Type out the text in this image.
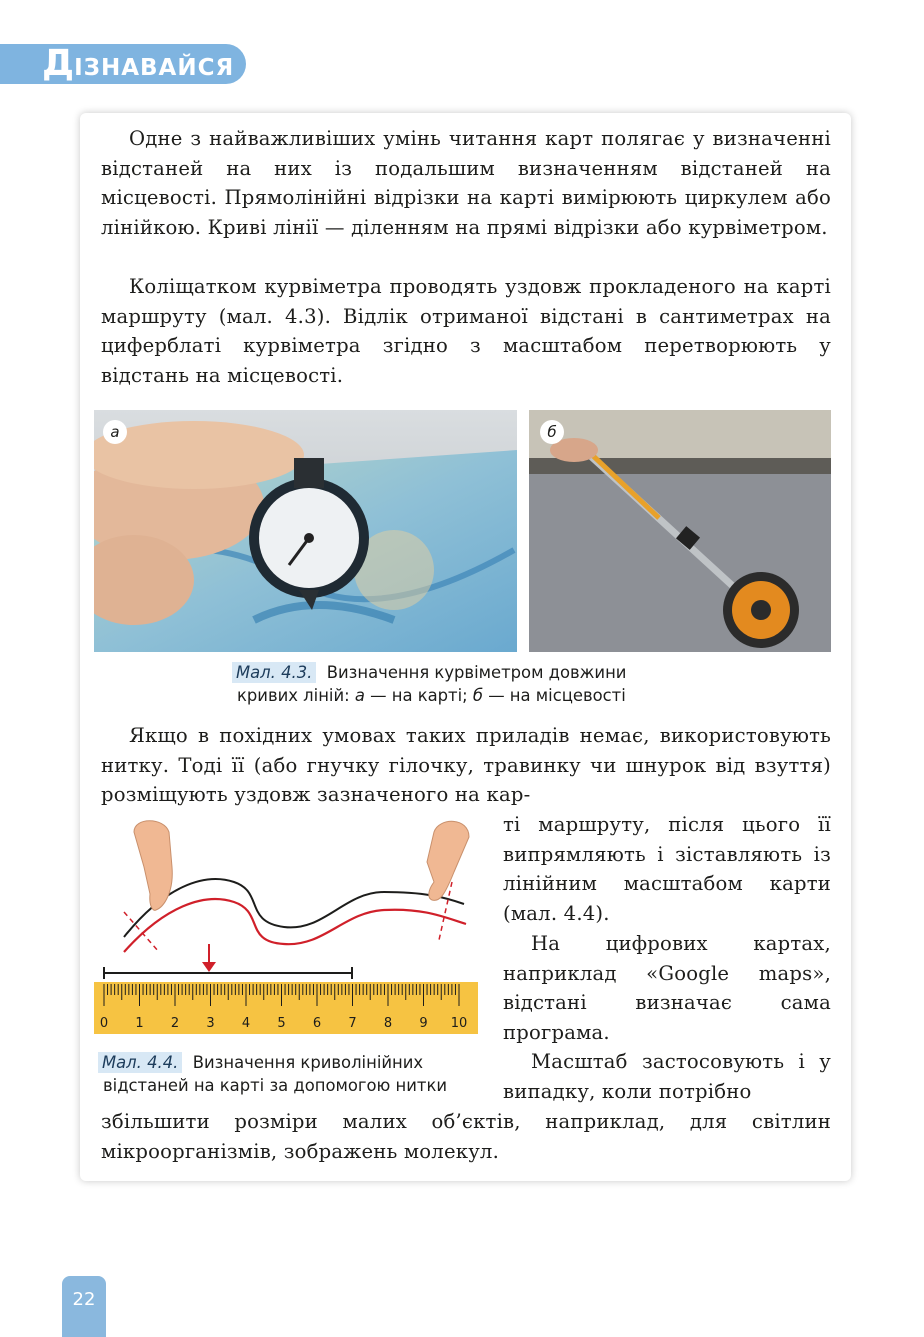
ДІЗНАВАЙСЯ

Одне з найважливіших умінь читання карт полягає у визначенні відстаней на них із подальшим визначенням відстаней на місцевості. Прямолінійні відрізки на карті вимірюють циркулем або лінійкою. Криві лінії — діленням на прямі відрізки або курвіметром.

Коліщатком курвіметра проводять уздовж прокладеного на карті маршруту (мал. 4.3). Відлік отриманої відстані в сантиметрах на циферблаті курвіметра згідно з масштабом перетворюють у відстань на місцевості.

а	б
Мал. 4.3. Визначення курвіметром довжини
кривих ліній: а — на карті; б — на місцевості

Якщо в похідних умовах таких приладів немає, використовують нитку. Тоді її (або гнучку гілочку, травинку чи шнурок від взуття) розміщують уздовж зазначеного на кар-

0 1 2 3 4 5 6 7 8 9 10
Мал. 4.4. Визначення криволінійних
відстаней на карті за допомогою нитки

ті маршруту, після цього її випрямляють і зіставляють із лінійним масштабом карти (мал. 4.4).

На цифрових картах, наприклад «Google maps», відстані визначає сама програма.

Масштаб застосовують і у випадку, коли потрібно

збільшити розміри малих об’єктів, наприклад, для світлин мікроорганізмів, зображень молекул.

22
